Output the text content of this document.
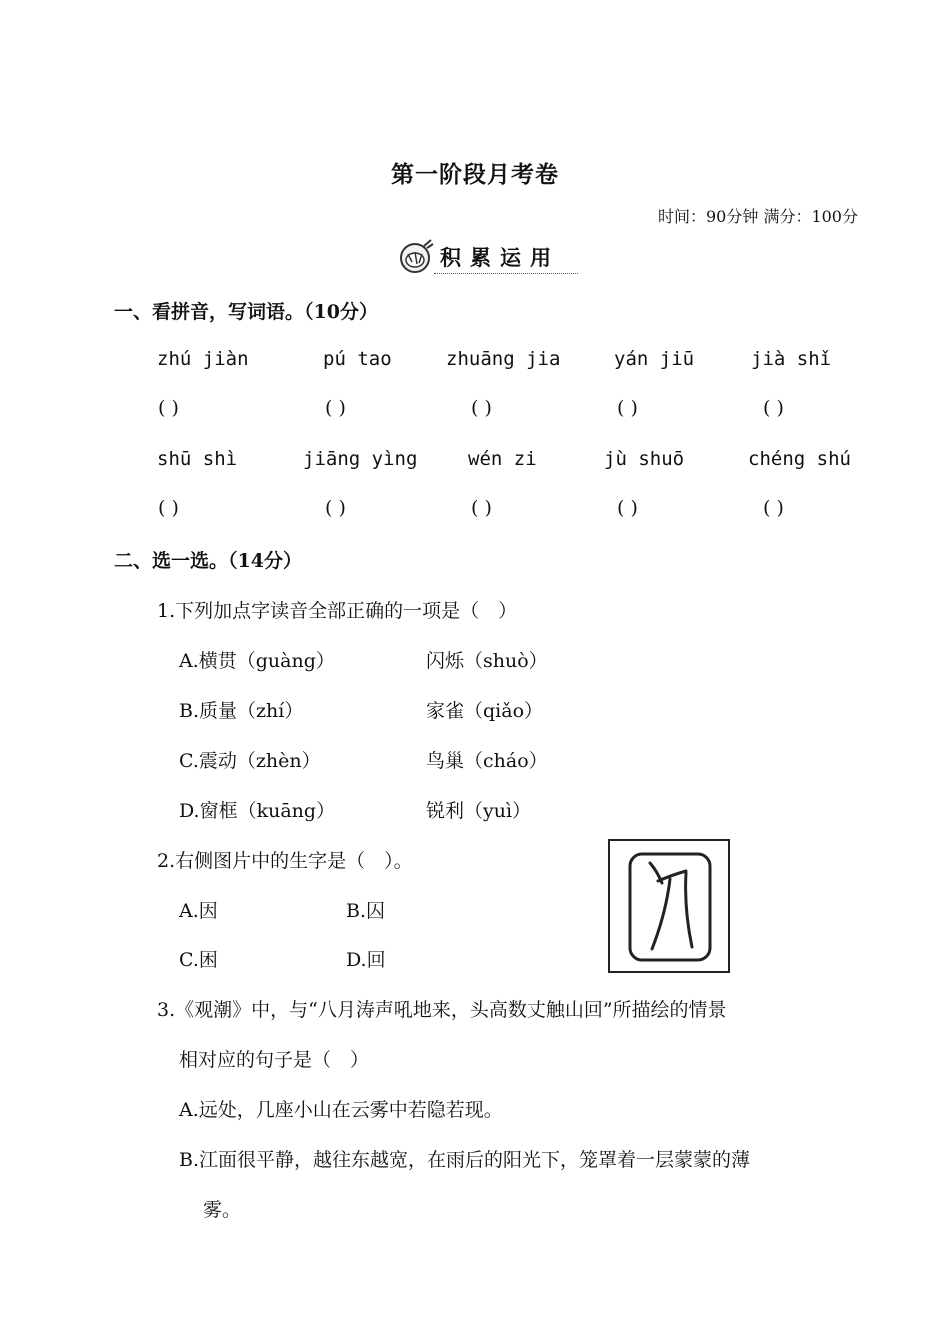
第一阶段月考卷
时间：90分钟 满分：100分
积累运用
一、看拼音，写词语。（10分）
zhú jiàn	pú tao	zhuāng jia	yán jiū	jià shǐ
( )	( )	( )	( )	( )
shū shì	jiāng yìng	wén zi	jù shuō	chéng shú
( )	( )	( )	( )	( )
二、选一选。（14分）
1.下列加点字读音全部正确的一项是（　）
A.横贯（guàng）	闪烁（shuò）
B.质量（zhí）	家雀（qiǎo）
C.震动（zhèn）	鸟巢（cháo）
D.窗框（kuāng）	锐利（yuì）
2.右侧图片中的生字是（　）。
A.因	B.囚
C.困	D.回
3.《观潮》中，与“八月涛声吼地来，头高数丈触山回”所描绘的情景
相对应的句子是（　）
A.远处，几座小山在云雾中若隐若现。
B.江面很平静，越往东越宽，在雨后的阳光下，笼罩着一层蒙蒙的薄
雾。
